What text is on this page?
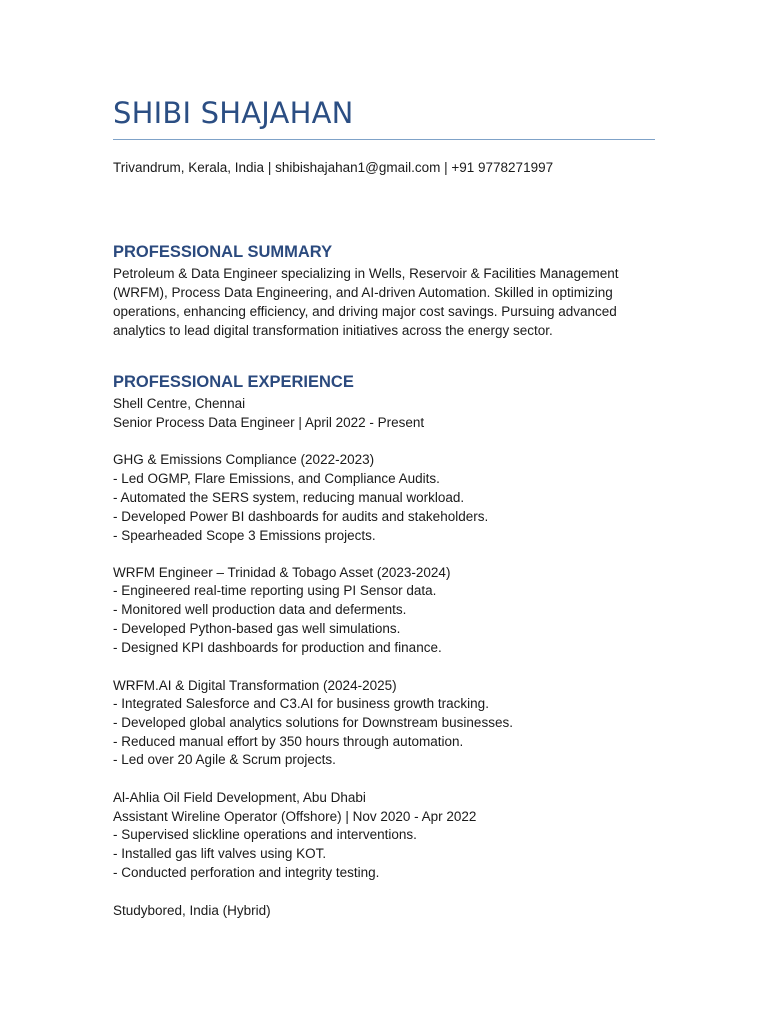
SHIBI SHAJAHAN
Trivandrum, Kerala, India | shibishajahan1@gmail.com | +91 9778271997
PROFESSIONAL SUMMARY
Petroleum & Data Engineer specializing in Wells, Reservoir & Facilities Management
(WRFM), Process Data Engineering, and AI-driven Automation. Skilled in optimizing
operations, enhancing efficiency, and driving major cost savings. Pursuing advanced
analytics to lead digital transformation initiatives across the energy sector.
PROFESSIONAL EXPERIENCE
Shell Centre, Chennai
Senior Process Data Engineer | April 2022 - Present
GHG & Emissions Compliance (2022-2023)
- Led OGMP, Flare Emissions, and Compliance Audits.
- Automated the SERS system, reducing manual workload.
- Developed Power BI dashboards for audits and stakeholders.
- Spearheaded Scope 3 Emissions projects.
WRFM Engineer – Trinidad & Tobago Asset (2023-2024)
- Engineered real-time reporting using PI Sensor data.
- Monitored well production data and deferments.
- Developed Python-based gas well simulations.
- Designed KPI dashboards for production and finance.
WRFM.AI & Digital Transformation (2024-2025)
- Integrated Salesforce and C3.AI for business growth tracking.
- Developed global analytics solutions for Downstream businesses.
- Reduced manual effort by 350 hours through automation.
- Led over 20 Agile & Scrum projects.
Al-Ahlia Oil Field Development, Abu Dhabi
Assistant Wireline Operator (Offshore) | Nov 2020 - Apr 2022
- Supervised slickline operations and interventions.
- Installed gas lift valves using KOT.
- Conducted perforation and integrity testing.
Studybored, India (Hybrid)
